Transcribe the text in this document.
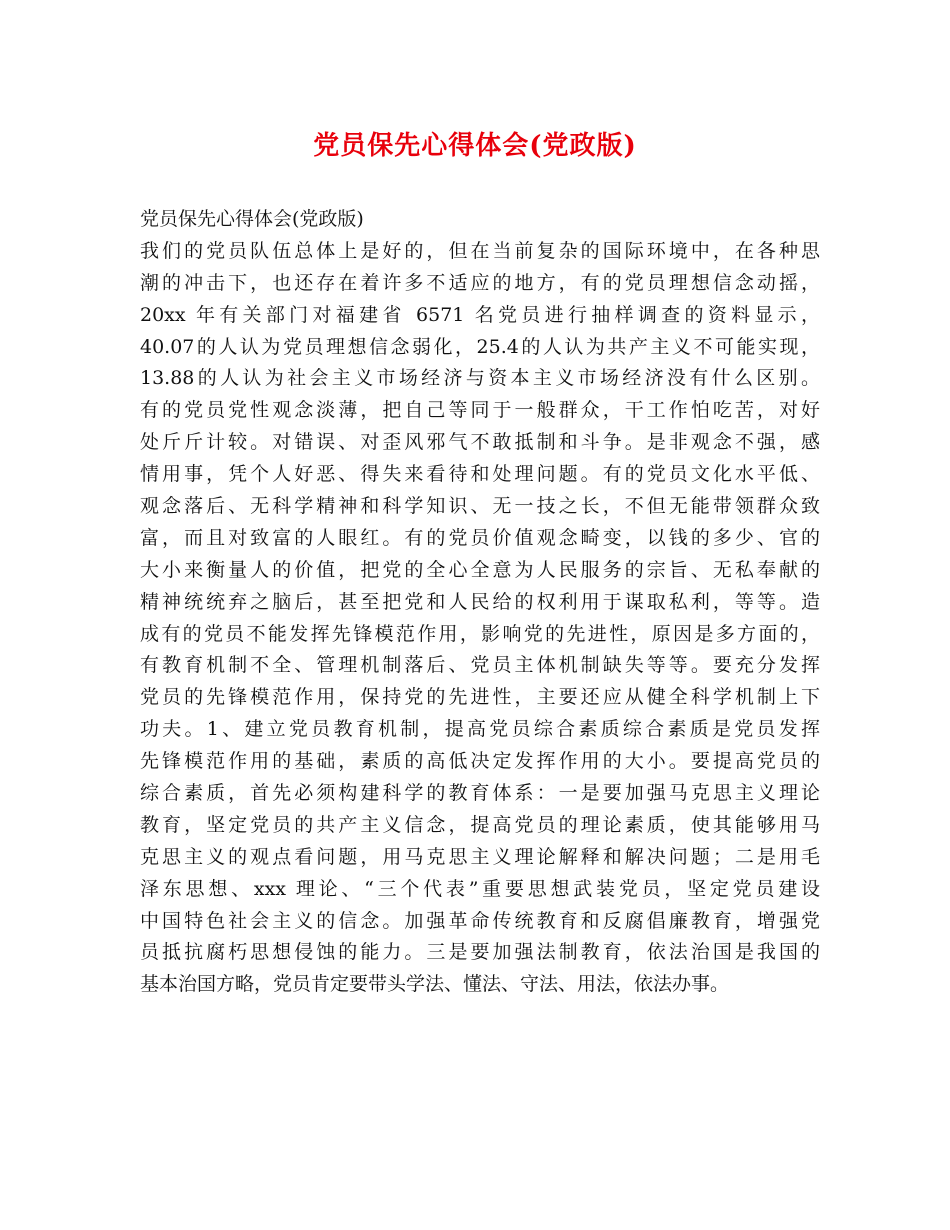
党员保先心得体会(党政版)
党员保先心得体会(党政版)
我们的党员队伍总体上是好的，但在当前复杂的国际环境中，在各种思
潮的冲击下，也还存在着许多不适应的地方，有的党员理想信念动摇，
20xx 年有关部门对福建省 6571 名党员进行抽样调查的资料显示，
40.07的人认为党员理想信念弱化，25.4的人认为共产主义不可能实现，
13.88的人认为社会主义市场经济与资本主义市场经济没有什么区别。
有的党员党性观念淡薄，把自己等同于一般群众，干工作怕吃苦，对好
处斤斤计较。对错误、对歪风邪气不敢抵制和斗争。是非观念不强，感
情用事，凭个人好恶、得失来看待和处理问题。有的党员文化水平低、
观念落后、无科学精神和科学知识、无一技之长，不但无能带领群众致
富，而且对致富的人眼红。有的党员价值观念畸变，以钱的多少、官的
大小来衡量人的价值，把党的全心全意为人民服务的宗旨、无私奉献的
精神统统弃之脑后，甚至把党和人民给的权利用于谋取私利，等等。造
成有的党员不能发挥先锋模范作用，影响党的先进性，原因是多方面的，
有教育机制不全、管理机制落后、党员主体机制缺失等等。要充分发挥
党员的先锋模范作用，保持党的先进性，主要还应从健全科学机制上下
功夫。1、建立党员教育机制，提高党员综合素质综合素质是党员发挥
先锋模范作用的基础，素质的高低决定发挥作用的大小。要提高党员的
综合素质，首先必须构建科学的教育体系：一是要加强马克思主义理论
教育，坚定党员的共产主义信念，提高党员的理论素质，使其能够用马
克思主义的观点看问题，用马克思主义理论解释和解决问题；二是用毛
泽东思想、xxx 理论、“三个代表”重要思想武装党员，坚定党员建设
中国特色社会主义的信念。加强革命传统教育和反腐倡廉教育，增强党
员抵抗腐朽思想侵蚀的能力。三是要加强法制教育，依法治国是我国的
基本治国方略，党员肯定要带头学法、懂法、守法、用法，依法办事。
